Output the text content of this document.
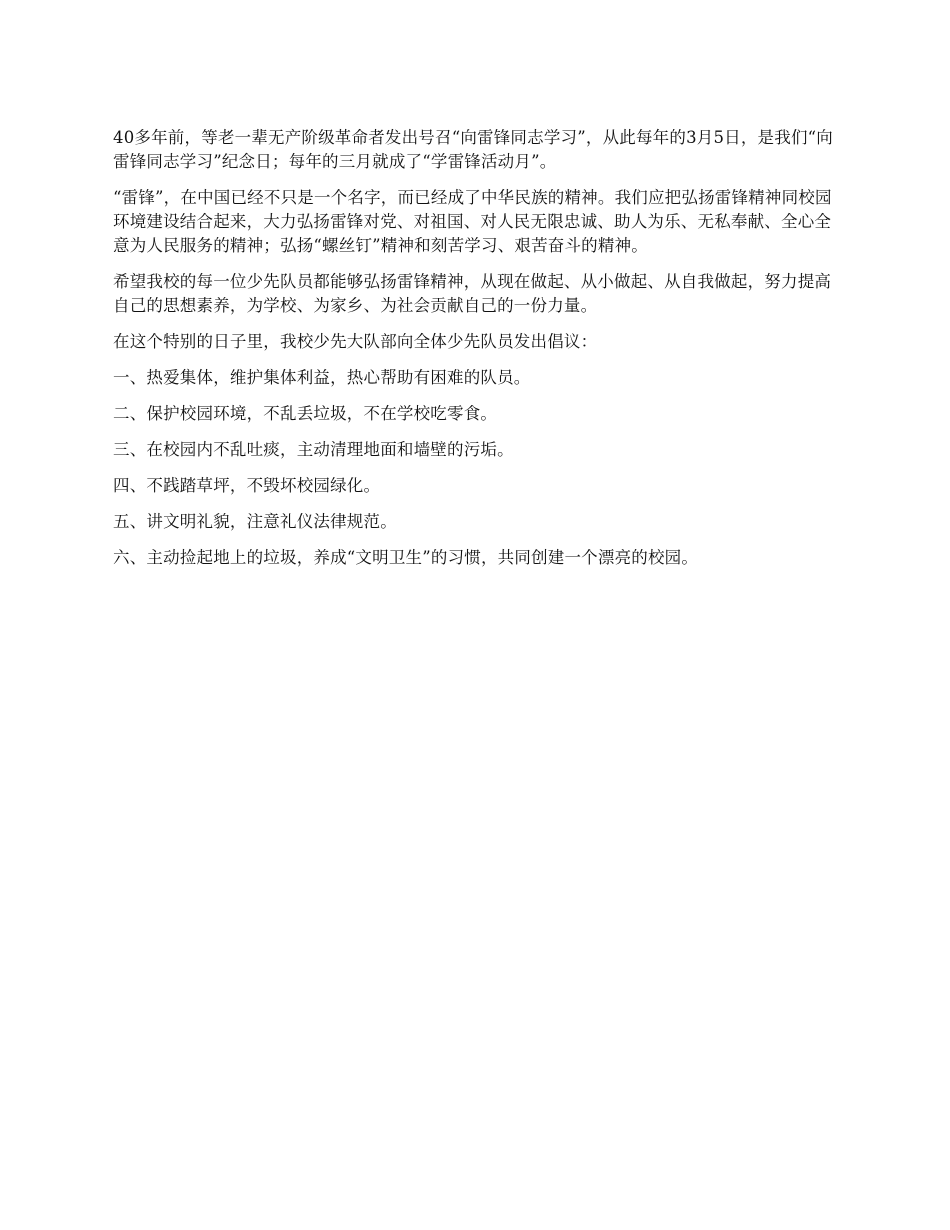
40多年前，等老一辈无产阶级革命者发出号召“向雷锋同志学习”，从此每年的3月5日，是我们“向雷锋同志学习”纪念日；每年的三月就成了“学雷锋活动月”。

“雷锋”，在中国已经不只是一个名字，而已经成了中华民族的精神。我们应把弘扬雷锋精神同校园环境建设结合起来，大力弘扬雷锋对党、对祖国、对人民无限忠诚、助人为乐、无私奉献、全心全意为人民服务的精神；弘扬“螺丝钉”精神和刻苦学习、艰苦奋斗的精神。

希望我校的每一位少先队员都能够弘扬雷锋精神，从现在做起、从小做起、从自我做起，努力提高自己的思想素养，为学校、为家乡、为社会贡献自己的一份力量。

在这个特别的日子里，我校少先大队部向全体少先队员发出倡议：

一、热爱集体，维护集体利益，热心帮助有困难的队员。

二、保护校园环境，不乱丢垃圾，不在学校吃零食。

三、在校园内不乱吐痰，主动清理地面和墙壁的污垢。

四、不践踏草坪，不毁坏校园绿化。

五、讲文明礼貌，注意礼仪法律规范。

六、主动捡起地上的垃圾，养成“文明卫生”的习惯，共同创建一个漂亮的校园。
